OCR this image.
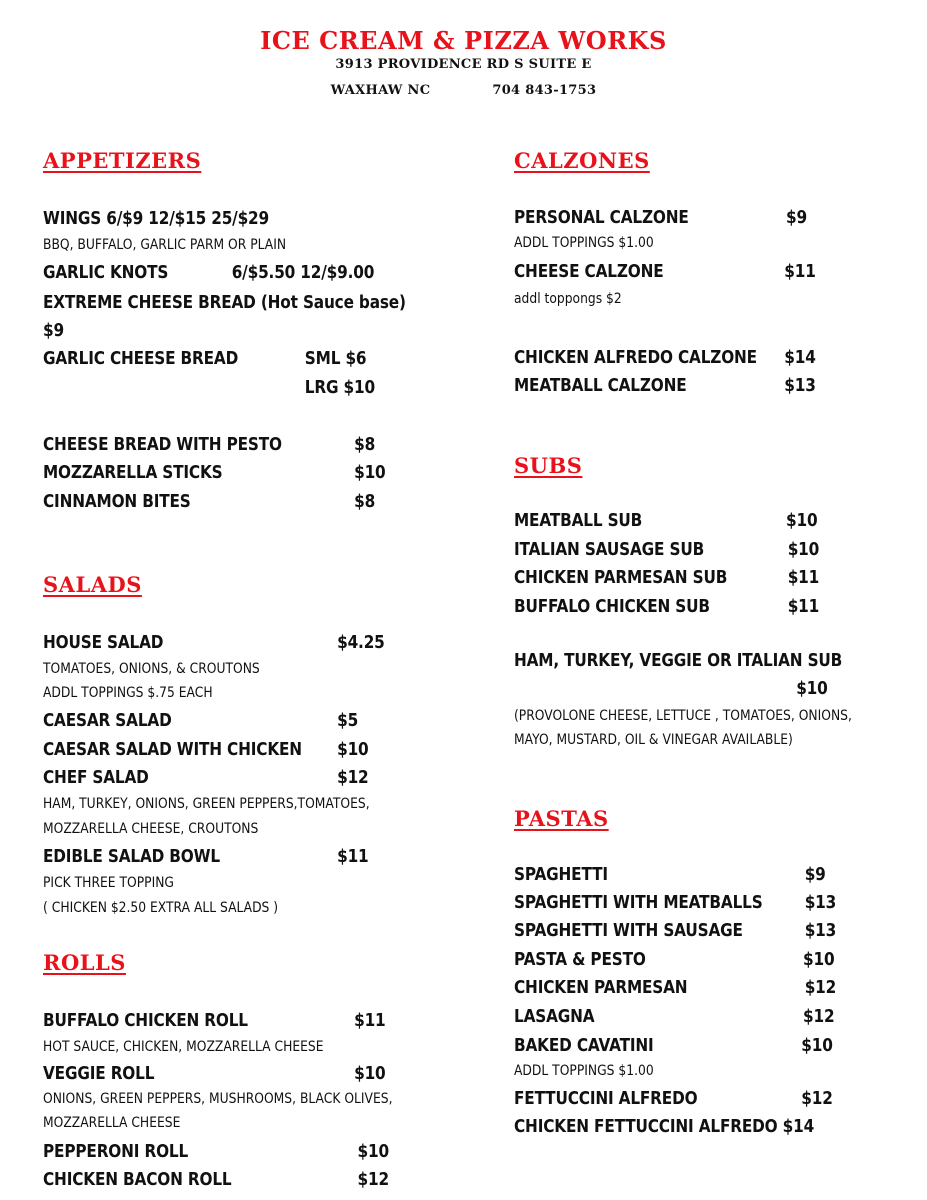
ICE CREAM & PIZZA WORKS
3913 PROVIDENCE RD S SUITE E
WAXHAW NC	704 843-1753
APPETIZERS
WINGS 6/$9 12/$15 25/$29
BBQ, BUFFALO, GARLIC PARM OR PLAIN
GARLIC KNOTS	6/$5.50 12/$9.00
EXTREME CHEESE BREAD (Hot Sauce base)
$9
GARLIC CHEESE BREAD	SML $6
LRG $10
CHEESE BREAD WITH PESTO	$8
MOZZARELLA STICKS	$10
CINNAMON BITES	$8
SALADS
HOUSE SALAD	$4.25
TOMATOES, ONIONS, & CROUTONS
ADDL TOPPINGS $.75 EACH
CAESAR SALAD	$5
CAESAR SALAD WITH CHICKEN $10
CHEF SALAD	$12
HAM, TURKEY, ONIONS, GREEN PEPPERS,TOMATOES,
MOZZARELLA CHEESE, CROUTONS
EDIBLE SALAD BOWL	$11
PICK THREE TOPPING
( CHICKEN $2.50 EXTRA ALL SALADS )
ROLLS
BUFFALO CHICKEN ROLL	$11
HOT SAUCE, CHICKEN, MOZZARELLA CHEESE
VEGGIE ROLL	$10
ONIONS, GREEN PEPPERS, MUSHROOMS, BLACK OLIVES,
MOZZARELLA CHEESE
PEPPERONI ROLL	$10
CHICKEN BACON ROLL	$12
CALZONES
PERSONAL CALZONE	$9
ADDL TOPPINGS $1.00
CHEESE CALZONE	$11
addl toppongs $2
CHICKEN ALFREDO CALZONE $14
MEATBALL CALZONE	$13
SUBS
MEATBALL SUB	$10
ITALIAN SAUSAGE SUB	$10
CHICKEN PARMESAN SUB	$11
BUFFALO CHICKEN SUB	$11
HAM, TURKEY, VEGGIE OR ITALIAN SUB
$10
(PROVOLONE CHEESE, LETTUCE , TOMATOES, ONIONS,
MAYO, MUSTARD, OIL & VINEGAR AVAILABLE)
PASTAS
SPAGHETTI	$9
SPAGHETTI WITH MEATBALLS $13
SPAGHETTI WITH SAUSAGE	$13
PASTA & PESTO	$10
CHICKEN PARMESAN	$12
LASAGNA	$12
BAKED CAVATINI	$10
ADDL TOPPINGS $1.00
FETTUCCINI ALFREDO	$12
CHICKEN FETTUCCINI ALFREDO $14
